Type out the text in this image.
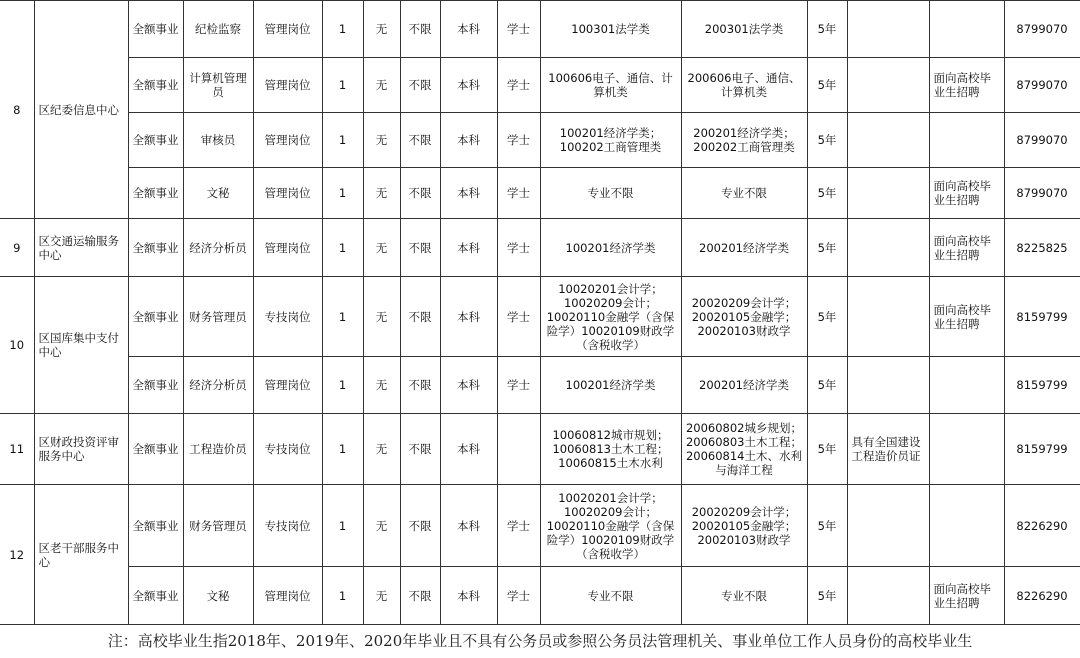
8	区纪委信息中心	全额事业	纪检监察	管理岗位	1	无	不限	本科	学士	100301法学类	200301法学类	5年			8799070
		全额事业	计算机管理
员	管理岗位	1	无	不限	本科	学士	100606电子、通信、计
算机类	200606电子、通信、
计算机类	5年		面向高校毕
业生招聘	8799070
		全额事业	审核员	管理岗位	1	无	不限	本科	学士	100201经济学类；
100202工商管理类	200201经济学类；
200202工商管理类	5年			8799070
		全额事业	文秘	管理岗位	1	无	不限	本科	学士	专业不限	专业不限	5年		面向高校毕
业生招聘	8799070
9	区交通运输服务
中心	全额事业	经济分析员	管理岗位	1	无	不限	本科	学士	100201经济学类	200201经济学类	5年		面向高校毕
业生招聘	8225825
10	区国库集中支付
中心	全额事业	财务管理员	专技岗位	1	无	不限	本科	学士	10020201会计学；
10020209会计；
10020110金融学（含保
险学）10020109财政学
（含税收学）	20020209会计学；
20020105金融学；
20020103财政学	5年		面向高校毕
业生招聘	8159799
		全额事业	经济分析员	管理岗位	1	无	不限	本科	学士	100201经济学类	200201经济学类	5年			8159799
11	区财政投资评审
服务中心	全额事业	工程造价员	专技岗位	1	无	不限	本科		10060812城市规划；
10060813土木工程；
10060815土木水利	20060802城乡规划；
20060803土木工程；
20060814土木、水利
与海洋工程	5年	具有全国建设
工程造价员证		8159799
12	区老干部服务中
心	全额事业	财务管理员	专技岗位	1	无	不限	本科	学士	10020201会计学；
10020209会计；
10020110金融学（含保
险学）10020109财政学
（含税收学）	20020209会计学；
20020105金融学；
20020103财政学	5年			8226290
		全额事业	文秘	管理岗位	1	无	不限	本科	学士	专业不限	专业不限	5年		面向高校毕
业生招聘	8226290
注：高校毕业生指2018年、2019年、2020年毕业且不具有公务员或参照公务员法管理机关、事业单位工作人员身份的高校毕业生
